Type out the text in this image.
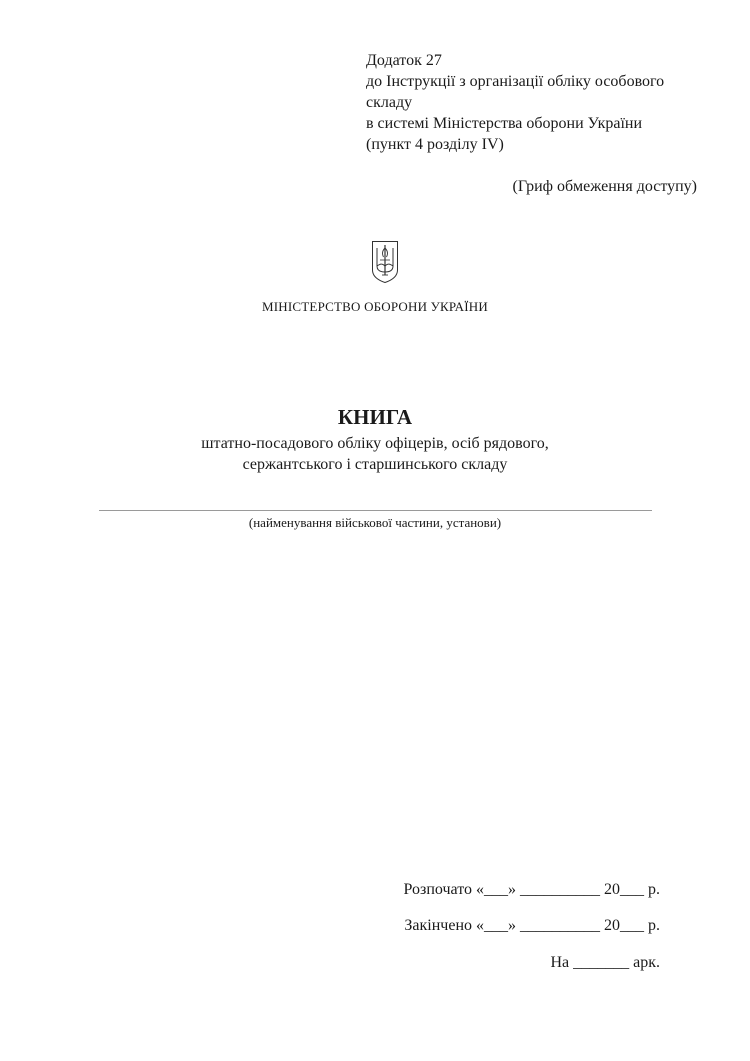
Додаток 27
до Інструкції з організації обліку особового
складу
в системі Міністерства оборони України
(пункт 4 розділу IV)
(Гриф обмеження доступу)
МІНІСТЕРСТВО ОБОРОНИ УКРАЇНИ
КНИГА
штатно-посадового обліку офіцерів, осіб рядового,
сержантського і старшинського складу
(найменування військової частини, установи)
Розпочато «___» __________ 20___ р.
Закінчено «___» __________ 20___ р.
На _______ арк.
